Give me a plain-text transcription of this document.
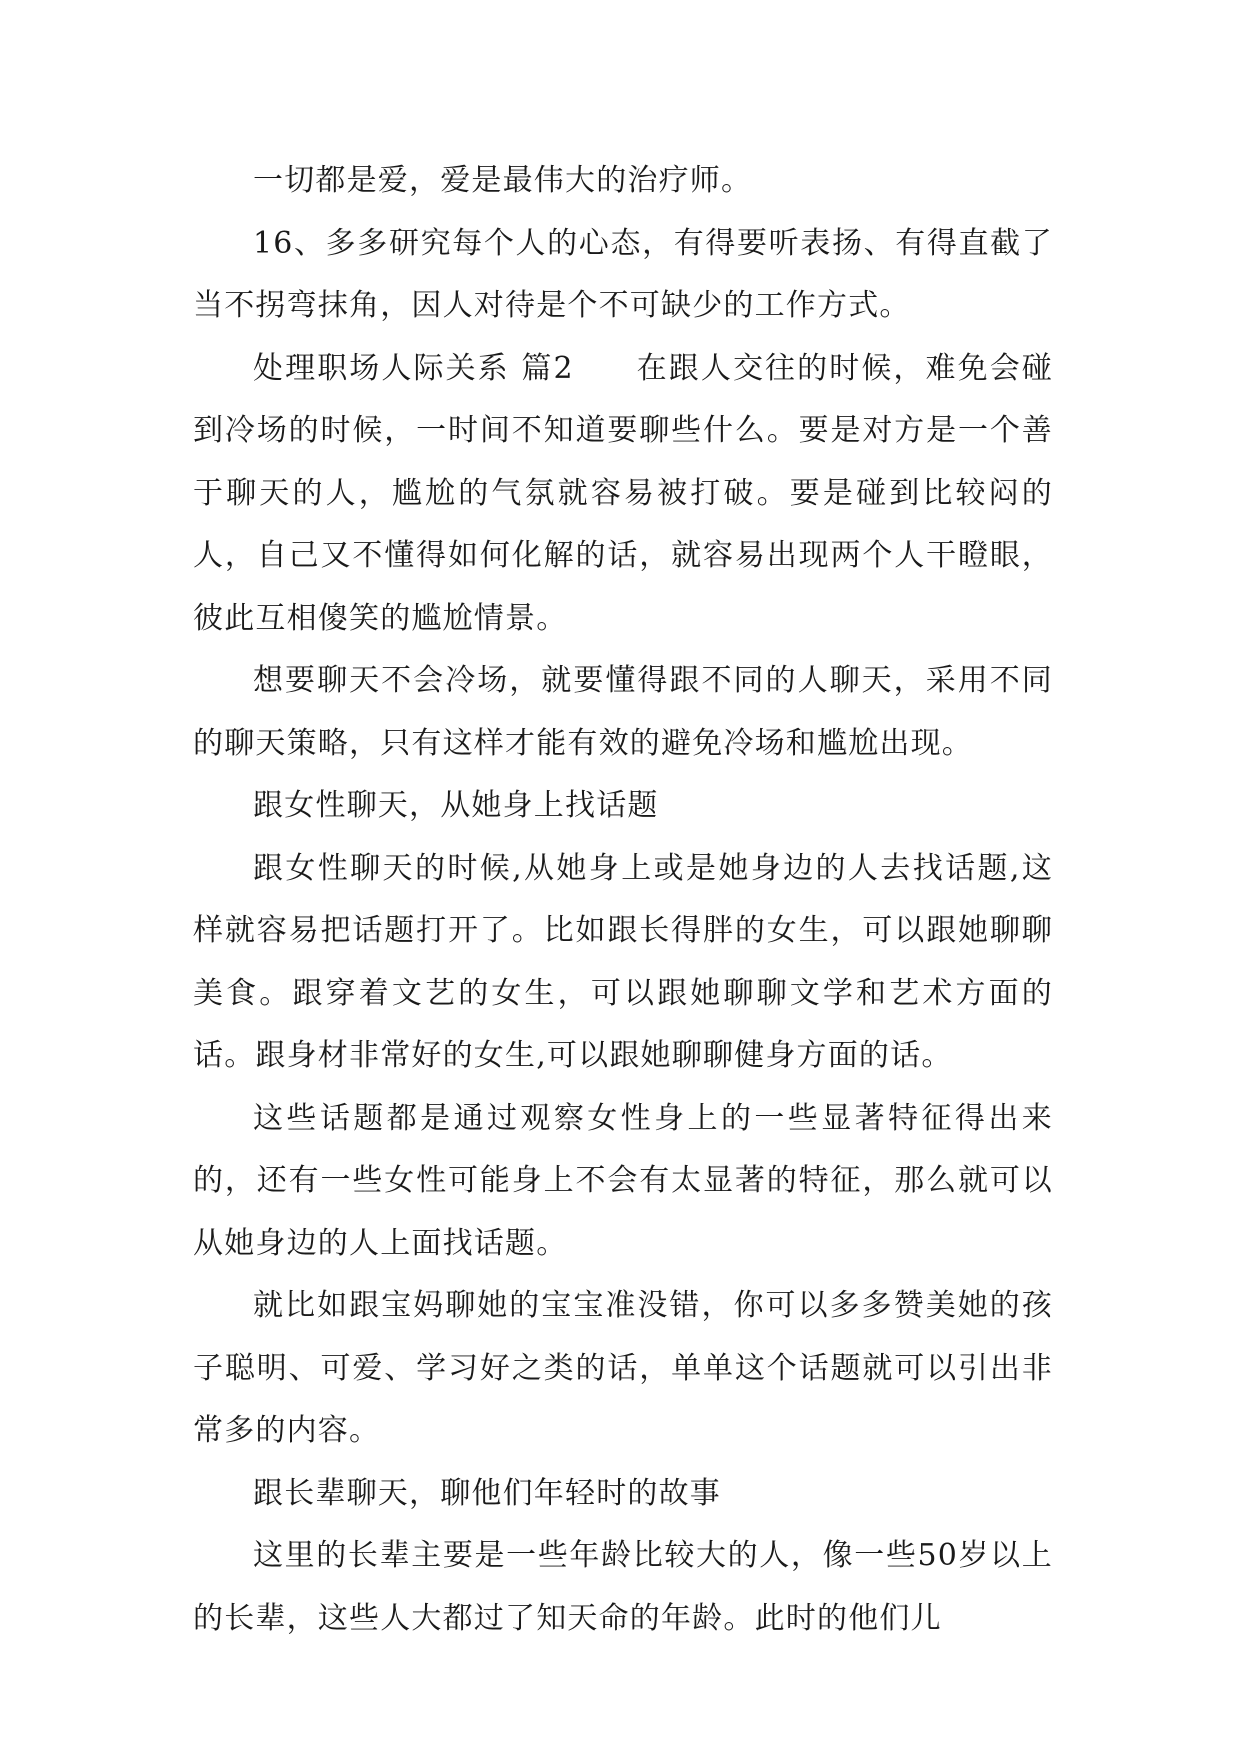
一切都是爱，爱是最伟大的治疗师。

16、多多研究每个人的心态，有得要听表扬、有得直截了当不拐弯抹角，因人对待是个不可缺少的工作方式。

处理职场人际关系 篇2 在跟人交往的时候，难免会碰到冷场的时候，一时间不知道要聊些什么。要是对方是一个善于聊天的人，尴尬的气氛就容易被打破。要是碰到比较闷的人，自己又不懂得如何化解的话，就容易出现两个人干瞪眼，彼此互相傻笑的尴尬情景。

想要聊天不会冷场，就要懂得跟不同的人聊天，采用不同的聊天策略，只有这样才能有效的避免冷场和尴尬出现。

跟女性聊天，从她身上找话题

跟女性聊天的时候,从她身上或是她身边的人去找话题,这样就容易把话题打开了。比如跟长得胖的女生，可以跟她聊聊美食。跟穿着文艺的女生，可以跟她聊聊文学和艺术方面的话。跟身材非常好的女生,可以跟她聊聊健身方面的话。

这些话题都是通过观察女性身上的一些显著特征得出来的，还有一些女性可能身上不会有太显著的特征，那么就可以从她身边的人上面找话题。

就比如跟宝妈聊她的宝宝准没错，你可以多多赞美她的孩子聪明、可爱、学习好之类的话，单单这个话题就可以引出非常多的内容。

跟长辈聊天，聊他们年轻时的故事

这里的长辈主要是一些年龄比较大的人，像一些50岁以上的长辈，这些人大都过了知天命的年龄。此时的他们儿
